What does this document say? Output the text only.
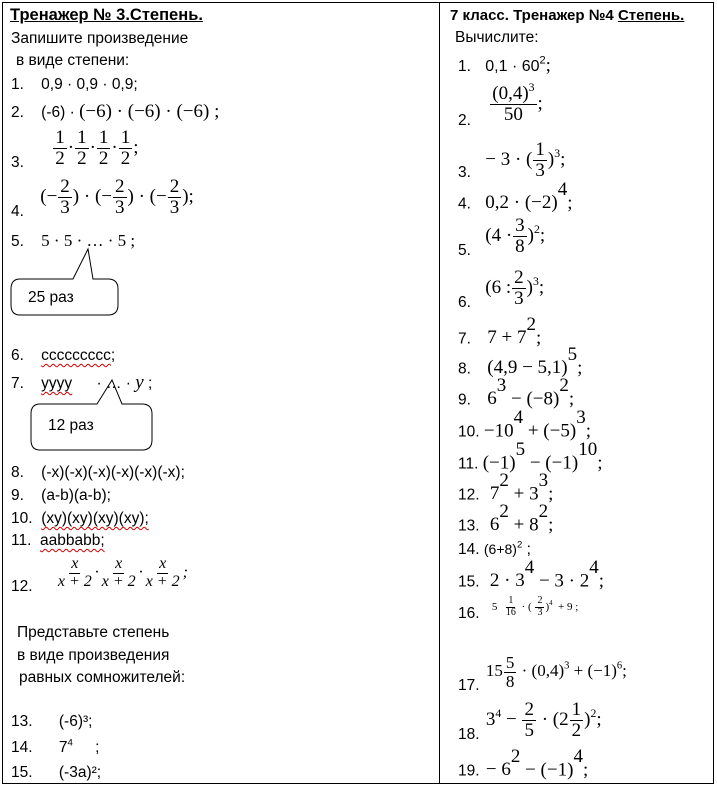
Тренажер № 3.Степень.
Запишите произведение
в виде степени:
1. 0,9 · 0,9 · 0,9;
2. (-6) · (−6) · (−6) · (−6) ;
3. $\frac{1}{2} \cdot \frac{1}{2} \cdot \frac{1}{2} \cdot \frac{1}{2}$ ;
4. (− $\frac{2}{3}$ ) · (− $\frac{2}{3}$ ) · (− $\frac{2}{3}$ );
5. 5 · 5 · … · 5 ;
25 раз
6. ссссссссс;
7. уууу · … · y ;
12 раз
8. (-x)(-x)(-x)(-x)(-x)(-x);
9. (a-b)(a-b);
10. (xy)(xy)(xy)(xy);
11. aabbabb;
12. $\frac{x}{x + 2} \cdot \frac{x}{x + 2} \cdot \frac{x}{x + 2}$ ;
Представьте степень
в виде произведения
равных сомножителей:
13. (-6)³;
14. $7^4$ ;
15. (-3а)²;
7 класс. Тренажер №4 Степень.
Вычислите:
1. $0,1 \cdot 60^2$;
2. $\frac{(0,4)^3}{50}$ ;
3. − 3 · ( $\frac{1}{3} )^3$;
4. $0,2 \cdot (-2)^4$;
5. $(4 \cdot \frac{3}{8} )^2$;
6. (6 : $\frac{2}{3} )^3$;
7. $7 + 7^2$;
8. $(4,9 - 5,1)^5$;
9. $6^3 - (-8)^2$;
10. $-10^4 + (-5)^3$;
11. $(-1)^5 - (-1)^{10}$;
12. $7^2 + 3^3$;
13. $6^2 + 8^2$;
14. $(6+8)^2$ ;
15. $2 \cdot 3^4 - 3 \cdot 2^4$;
16. $5 \frac{1}{16}$ · ( $\frac{2}{3} )^4 + 9$ ;
17. $15 \frac{5}{8} \cdot (0,4)^3 + (-1)^6$;
18. $3^4 - \frac{2}{5} \cdot (2 \frac{1}{2} )^2$;
19. − $6^2 - (-1)^4$;
